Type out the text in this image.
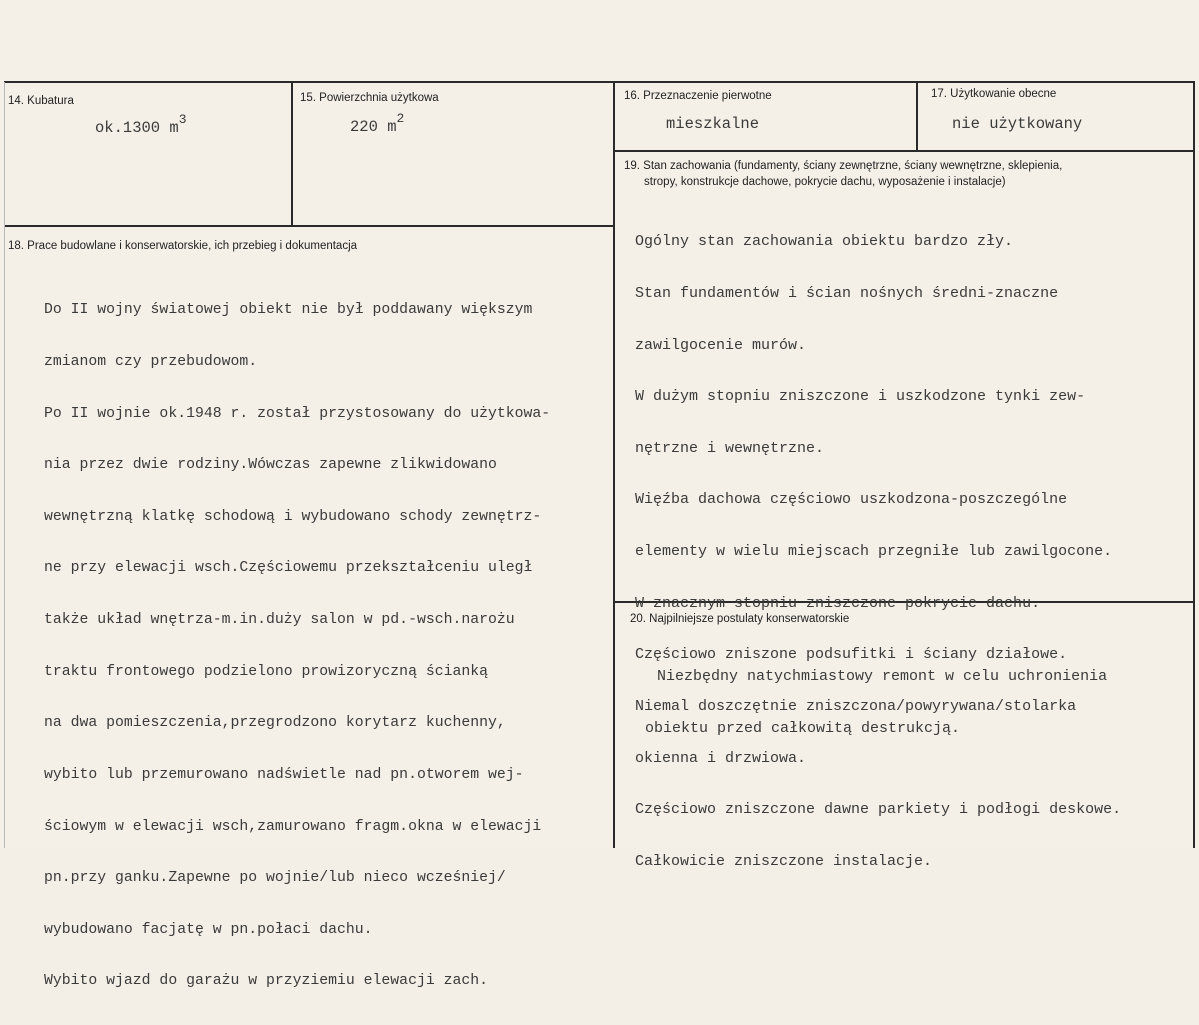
14. Kubatura
ok.1300 $m^3$
15. Powierzchnia użytkowa
220 $m^2$
16. Przeznaczenie pierwotne
mieszkalne
17. Użytkowanie obecne
nie użytkowany
19. Stan zachowania (fundamenty, ściany zewnętrzne, ściany wewnętrzne, sklepienia,
stropy, konstrukcje dachowe, pokrycie dachu, wyposażenie i instalacje)

Ogólny stan zachowania obiektu bardzo zły.

Stan fundamentów i ścian nośnych średni-znaczne

zawilgocenie murów.

W dużym stopniu zniszczone i uszkodzone tynki zew-

nętrzne i wewnętrzne.

Więźba dachowa częściowo uszkodzona-poszczególne

elementy w wielu miejscach przegniłe lub zawilgocone.

W znacznym stopniu zniszczone pokrycie dachu.

Częściowo zniszone podsufitki i ściany działowe.

Niemal doszczętnie zniszczona/powyrywana/stolarka

okienna i drzwiowa.

Częściowo zniszczone dawne parkiety i podłogi deskowe.

Całkowicie zniszczone instalacje.

18. Prace budowlane i konserwatorskie, ich przebieg i dokumentacja

Do II wojny światowej obiekt nie był poddawany większym

zmianom czy przebudowom.

Po II wojnie ok.1948 r. został przystosowany do użytkowa-

nia przez dwie rodziny.Wówczas zapewne zlikwidowano

wewnętrzną klatkę schodową i wybudowano schody zewnętrz-

ne przy elewacji wsch.Częściowemu przekształceniu uległ

także układ wnętrza-m.in.duży salon w pd.-wsch.narożu

traktu frontowego podzielono prowizoryczną ścianką

na dwa pomieszczenia,przegrodzono korytarz kuchenny,

wybito lub przemurowano nadświetle nad pn.otworem wej-

ściowym w elewacji wsch,zamurowano fragm.okna w elewacji

pn.przy ganku.Zapewne po wojnie/lub nieco wcześniej/

wybudowano facjatę w pn.połaci dachu.

Wybito wjazd do garażu w przyziemiu elewacji zach.

20. Najpilniejsze postulaty konserwatorskie

Niezbędny natychmiastowy remont w celu uchronienia

obiektu przed całkowitą destrukcją.
